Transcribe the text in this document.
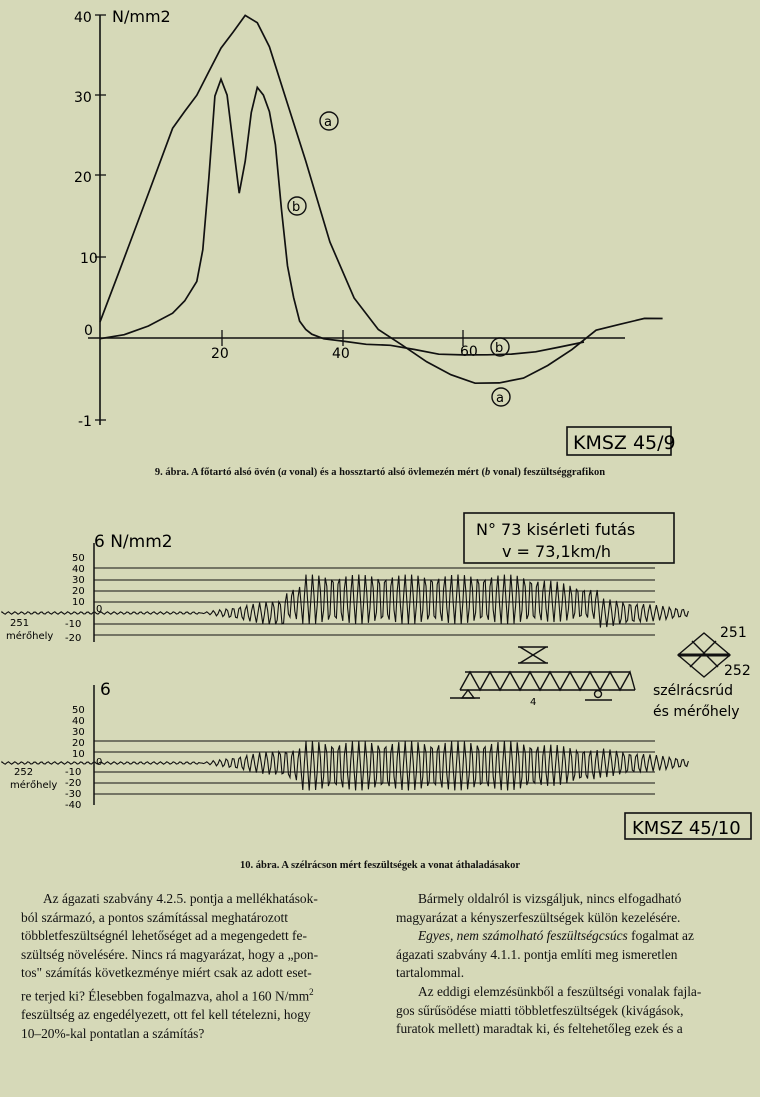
40
30
20
10
0
-1
N/mm2
20	40	60
a
b
b
a
KMSZ 45/9
9. ábra. A főtartó alsó övén (a vonal) és a hossztartó alsó övlemezén mért (b vonal) feszültséggrafikon
N° 73 kisérleti futás
v = 73,1km/h
6 N/mm2
50
40
30
20
10
0
-10
-20
251
mérőhely
6
50
40
30
20
10
0
-10
-20
-30
-40
252
mérőhely
4
251
252
szélrácsrúd
és mérőhely
KMSZ 45/10
10. ábra. A szélrácson mért feszültségek a vonat áthaladásakor

Az ágazati szabvány 4.2.5. pontja a mellékhatások-

ból származó, a pontos számítással meghatározott

többletfeszültségnél lehetőséget ad a megengedett fe-

szültség növelésére. Nincs rá magyarázat, hogy a „pon-

tos" számítás következménye miért csak az adott eset-

re terjed ki? Élesebben fogalmazva, ahol a 160 $N/mm^2$

feszültség az engedélyezett, ott fel kell tételezni, hogy

10–20%-kal pontatlan a számítás?

Bármely oldalról is vizsgáljuk, nincs elfogadható

magyarázat a kényszerfeszültségek külön kezelésére.

Egyes, nem számolható feszültségcsúcs fogalmat az

ágazati szabvány 4.1.1. pontja említi meg ismeretlen

tartalommal.

Az eddigi elemzésünkből a feszültségi vonalak fajla-

gos sűrűsödése miatti többletfeszültségek (kivágások,

furatok mellett) maradtak ki, és feltehetőleg ezek és a
